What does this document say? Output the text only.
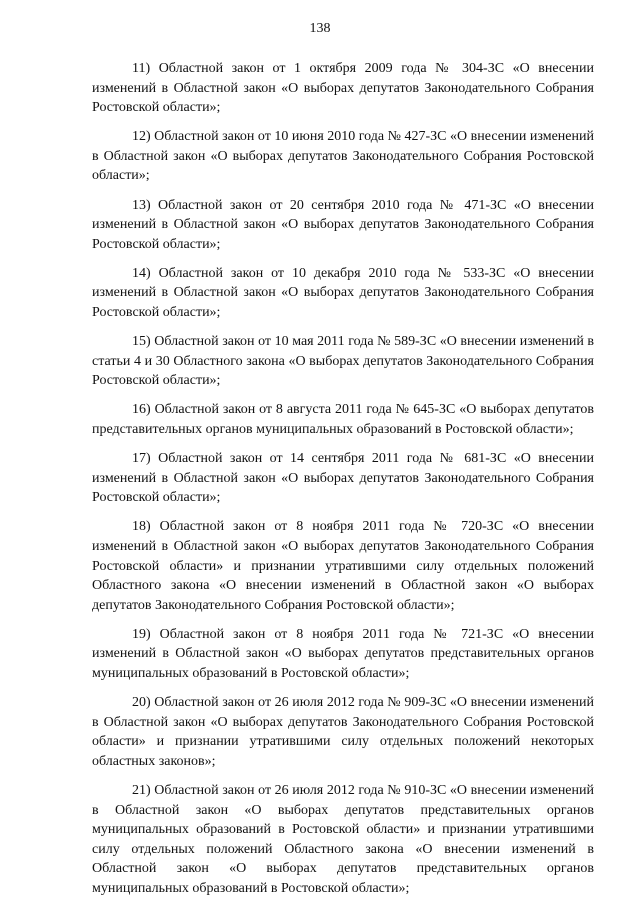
138

11) Областной закон от 1 октября 2009 года № 304-ЗС «О внесении изменений в Областной закон «О выборах депутатов Законодательного Собрания Ростовской области»;

12) Областной закон от 10 июня 2010 года № 427-ЗС «О внесении изменений в Областной закон «О выборах депутатов Законодательного Собрания Ростовской области»;

13) Областной закон от 20 сентября 2010 года № 471-ЗС «О внесении изменений в Областной закон «О выборах депутатов Законодательного Собрания Ростовской области»;

14) Областной закон от 10 декабря 2010 года № 533-ЗС «О внесении изменений в Областной закон «О выборах депутатов Законодательного Собрания Ростовской области»;

15) Областной закон от 10 мая 2011 года № 589-ЗС «О внесении изменений в статьи 4 и 30 Областного закона «О выборах депутатов Законодательного Собрания Ростовской области»;

16) Областной закон от 8 августа 2011 года № 645-ЗС «О выборах депутатов представительных органов муниципальных образований в Ростовской области»;

17) Областной закон от 14 сентября 2011 года № 681-ЗС «О внесении изменений в Областной закон «О выборах депутатов Законодательного Собрания Ростовской области»;

18) Областной закон от 8 ноября 2011 года № 720-ЗС «О внесении изменений в Областной закон «О выборах депутатов Законодательного Собрания Ростовской области» и признании утратившими силу отдельных положений Областного закона «О внесении изменений в Областной закон «О выборах депутатов Законодательного Собрания Ростовской области»;

19) Областной закон от 8 ноября 2011 года № 721-ЗС «О внесении изменений в Областной закон «О выборах депутатов представительных органов муниципальных образований в Ростовской области»;

20) Областной закон от 26 июля 2012 года № 909-ЗС «О внесении изменений в Областной закон «О выборах депутатов Законодательного Собрания Ростовской области» и признании утратившими силу отдельных положений некоторых областных законов»;

21) Областной закон от 26 июля 2012 года № 910-ЗС «О внесении изменений в Областной закон «О выборах депутатов представительных органов муниципальных образований в Ростовской области» и признании утратившими силу отдельных положений Областного закона «О внесении изменений в Областной закон «О выборах депутатов представительных органов муниципальных образований в Ростовской области»;
